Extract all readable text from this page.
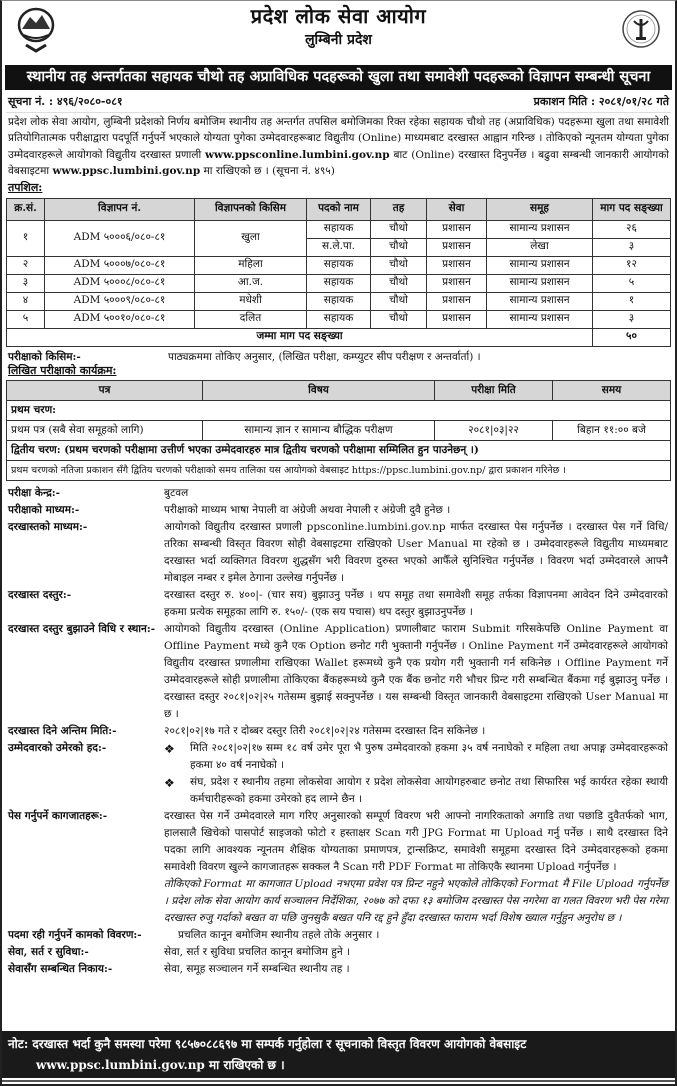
प्रदेश लोक सेवा आयोग
लुम्बिनी प्रदेश
स्थानीय तह अन्तर्गतका सहायक चौथो तह अप्राविधिक पदहरूको खुला तथा समावेशी पदहरूको विज्ञापन सम्बन्धी सूचना
सूचना नं. : ४९६/२०८०-०८१	प्रकाशन मिति : २०८१/०१/२८ गते
प्रदेश लोक सेवा आयोग, लुम्बिनी प्रदेशको निर्णय बमोजिम स्थानीय तह अन्तर्गत तपसिल बमोजिमका रिक्त रहेका सहायक चौथो तह (अप्राविधिक) पदहरूमा खुला तथा समावेशी प्रतियोगितात्मक परीक्षाद्वारा पदपूर्ति गर्नुपर्ने भएकाले योग्यता पुगेका उम्मेदवारहरूबाट विद्युतीय (Online) माध्यमबाट दरखास्त आह्वान गरिन्छ । तोकिएको न्यूनतम योग्यता पुगेका उम्मेदवारहरूले आयोगको विद्युतीय दरखास्त प्रणाली www.ppsconline.lumbini.gov.np बाट (Online) दरखास्त दिनुपर्नेछ । बढुवा सम्बन्धी जानकारी आयोगको वेबसाइटमा www.ppsc.lumbini.gov.np मा राखिएको छ । (सूचना नं. ४९५)
तपशिल:
क्र.सं.	विज्ञापन नं.	विज्ञापनको किसिम	पदको नाम	तह	सेवा	समूह	माग पद सङ्ख्या
१	ADM ५०००६/०८०-८१	खुला	सहायक	चौथो	प्रशासन	सामान्य प्रशासन	२६
			स.ले.पा.	चौथो	प्रशासन	लेखा	३
२	ADM ५०००७/०८०-८१	महिला	सहायक	चौथो	प्रशासन	सामान्य प्रशासन	१२
३	ADM ५०००८/०८०-८१	आ.ज.	सहायक	चौथो	प्रशासन	सामान्य प्रशासन	५
४	ADM ५०००९/०८०-८१	मधेशी	सहायक	चौथो	प्रशासन	सामान्य प्रशासन	१
५	ADM ५००१०/०८०-८१	दलित	सहायक	चौथो	प्रशासन	सामान्य प्रशासन	३
जम्मा माग पद सङ्ख्या							५०
परीक्षाको किसिम:-	पाठ्यक्रममा तोकिए अनुसार, (लिखित परीक्षा, कम्प्युटर सीप परीक्षण र अन्तर्वार्ता) ।
लिखित परीक्षाको कार्यक्रम:
पत्र	विषय	परीक्षा मिति	समय
प्रथम चरण:			
प्रथम पत्र (सबै सेवा समूहको लागि)	सामान्य ज्ञान र सामान्य बौद्धिक परीक्षण	२०८१|०३|२२	बिहान ११:०० बजे
द्वितीय चरण: (प्रथम चरणको परीक्षामा उत्तीर्ण भएका उम्मेदवारहरु मात्र द्वितीय चरणको परीक्षामा सम्मिलित हुन पाउनेछन् ।)			
प्रथम चरणको नतिजा प्रकाशन सँगै द्वितिय चरणको परीक्षाको समय तालिका यस आयोगको वेबसाइट https://ppsc.lumbini.gov.np/ द्वारा प्रकाशन गरिनेछ ।			
परीक्षा केन्द्र:-	बुटवल
परीक्षाको माध्यम:-	परीक्षाको माध्यम भाषा नेपाली वा अंग्रेजी अथवा नेपाली र अंग्रेजी दुवै हुनेछ ।
दरखास्तको माध्यम:-	आयोगको विद्युतीय दरखास्त प्रणाली ppsconline.lumbini.gov.np मार्फत दरखास्त पेस गर्नुपर्नेछ । दरखास्त पेस गर्ने विधि/तरिका सम्बन्धी विस्तृत विवरण सोही वेबसाइटमा राखिएको User Manual मा रहेको छ । उम्मेदवारहरूले विद्युतीय माध्यमबाट दरखास्त भर्दा व्यक्तिगत विवरण शुद्धसँग भरी विवरण दुरुस्त भएको आफैँले सुनिश्चित गर्नुपर्नेछ । विवरण भर्दा उम्मेदवारले आफ्नै मोबाइल नम्बर र इमेल ठेगाना उल्लेख गर्नुपर्नेछ ।
दरखास्त दस्तुर:-	दरखास्त दस्तुर रु. ४००|- (चार सय) बुझाउनु पर्नेछ । थप समूह तथा समावेशी समूह तर्फका विज्ञापनमा आवेदन दिने उम्मेदवारको हकमा प्रत्येक समूहका लागि रु. १५०/- (एक सय पचास) थप दस्तुर बुझाउनुपर्नेछ ।
दरखास्त दस्तुर बुझाउने विधि र स्थान:- आयोगको विद्युतीय दरखास्त (Online Application) प्रणालीबाट फाराम Submit गरिसकेपछि Online Payment वा Offline Payment मध्ये कुनै एक Option छनोट गरी भुक्तानी गर्नुपर्नेछ । Online Payment गर्ने उम्मेदवारहरूले आयोगको विद्युतीय दरखास्त प्रणालीमा राखिएका Wallet हरूमध्ये कुनै एक प्रयोग गरी भुक्तानी गर्न सकिनेछ । Offline Payment गर्ने उम्मेदवारहरूले सोही प्रणालीमा तोकिएका बैंकहरूमध्ये कुनै एक बैंक छनोट गरी भौचर प्रिन्ट गरी सम्बन्धित बैंकमा गई बुझाउनु पर्नेछ । दरखास्त दस्तुर २०८१|०२|२५ गतेसम्म बुझाई सक्नुपर्नेछ । यस सम्बन्धी विस्तृत जानकारी वेबसाइटमा राखिएको User Manual मा छ ।
दरखास्त दिने अन्तिम मिति:-	२०८१|०२|१७ गते र दोब्बर दस्तुर तिरी २०८१|०२|२४ गतेसम्म दरखास्त दिन सकिनेछ ।
उम्मेदवारको उमेरको हद:-	❖	मिति २०८१|०२|१७ सम्म १८ वर्ष उमेर पूरा भै पुरुष उम्मेदवारको हकमा ३५ वर्ष ननाघेको र महिला तथा अपाङ्ग उम्मेदवारहरूको हकमा ४० वर्ष ननाघेको ।
❖	संघ, प्रदेश र स्थानीय तहमा लोकसेवा आयोग र प्रदेश लोकसेवा आयोगहरुबाट छनोट तथा सिफारिस भई कार्यरत रहेका स्थायी कर्मचारीहरूको हकमा उमेरको हद लाग्ने छैन ।
पेस गर्नुपर्ने कागजातहरू:-	दरखास्त पेस गर्ने उम्मेदवारले माग गरिए अनुसारको सम्पूर्ण विवरण भरी आफ्नो नागरिकताको अगाडि तथा पछाडि दुवैतर्फको भाग, हालसालै खिचेको पासपोर्ट साइजको फोटो र हस्ताक्षर Scan गरी JPG Format मा Upload गर्नु पर्नेछ । साथै दरखास्त दिने पदका लागि आवश्यक न्यूनतम शैक्षिक योग्यताका प्रमाणपत्र, ट्रान्सक्रिप्ट, समावेशी समूहमा दरखास्त दिने उम्मेदवारहरूको हकमा समावेशी विवरण खुल्ने कागजातहरू सक्कल नै Scan गरी PDF Format मा तोकिएकै स्थानमा Upload गर्नुपर्नेछ ।
तोकिएको Format मा कागजात Upload नभएमा प्रवेश पत्र प्रिन्ट नहुने भएकोले तोकिएको Format मै File Upload गर्नुपर्नेछ । प्रदेश लोक सेवा आयोग कार्य सञ्चालन निर्देशिका, २०७७ को दफा १३ बमोजिम दरखास्त पेस नगरेमा वा गलत विवरण भरी पेस गरेमा दरखास्त रुजु गर्दाको बखत वा पछि जुनसुकै बखत पनि रद्द हुने हुँदा दरखास्त फाराम भर्दा विशेष ख्याल गर्नुहुन अनुरोध छ ।
पदमा रही गर्नुपर्ने कामको विवरण:-	प्रचलित कानून बमोजिम स्थानीय तहले तोके अनुसार ।
सेवा, सर्त र सुविधा:-	सेवा, सर्त र सुविधा प्रचलित कानून बमोजिम हुने ।
सेवासँग सम्बन्धित निकाय:-	सेवा, समूह सञ्चालन गर्ने सम्बन्धित स्थानीय तह ।
नोट: दरखास्त भर्दा कुनै समस्या परेमा ९८५७०८८६९७ मा सम्पर्क गर्नुहोला र सूचनाको विस्तृत विवरण आयोगको वेबसाइट
www.ppsc.lumbini.gov.np मा राखिएको छ ।
